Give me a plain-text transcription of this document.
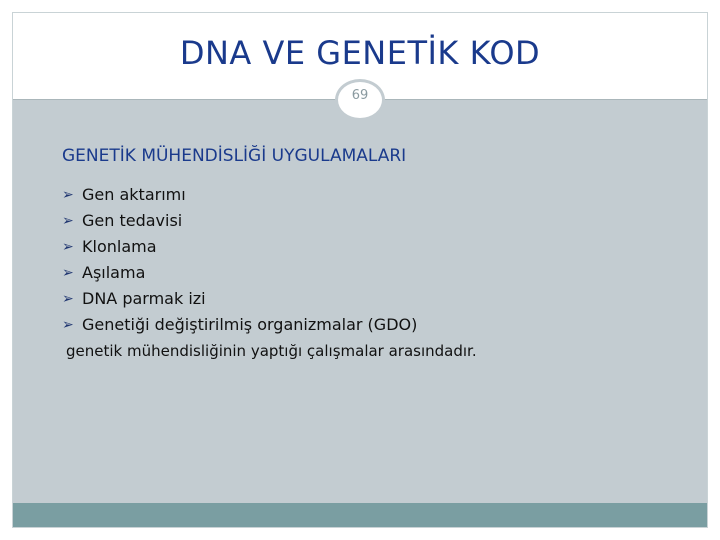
DNA VE GENETİK KOD
69
GENETİK MÜHENDİSLİĞİ UYGULAMALARI
➢ Gen aktarımı
➢ Gen tedavisi
➢ Klonlama
➢ Aşılama
➢ DNA parmak izi
➢ Genetiği değiştirilmiş organizmalar (GDO)
genetik mühendisliğinin yaptığı çalışmalar arasındadır.
